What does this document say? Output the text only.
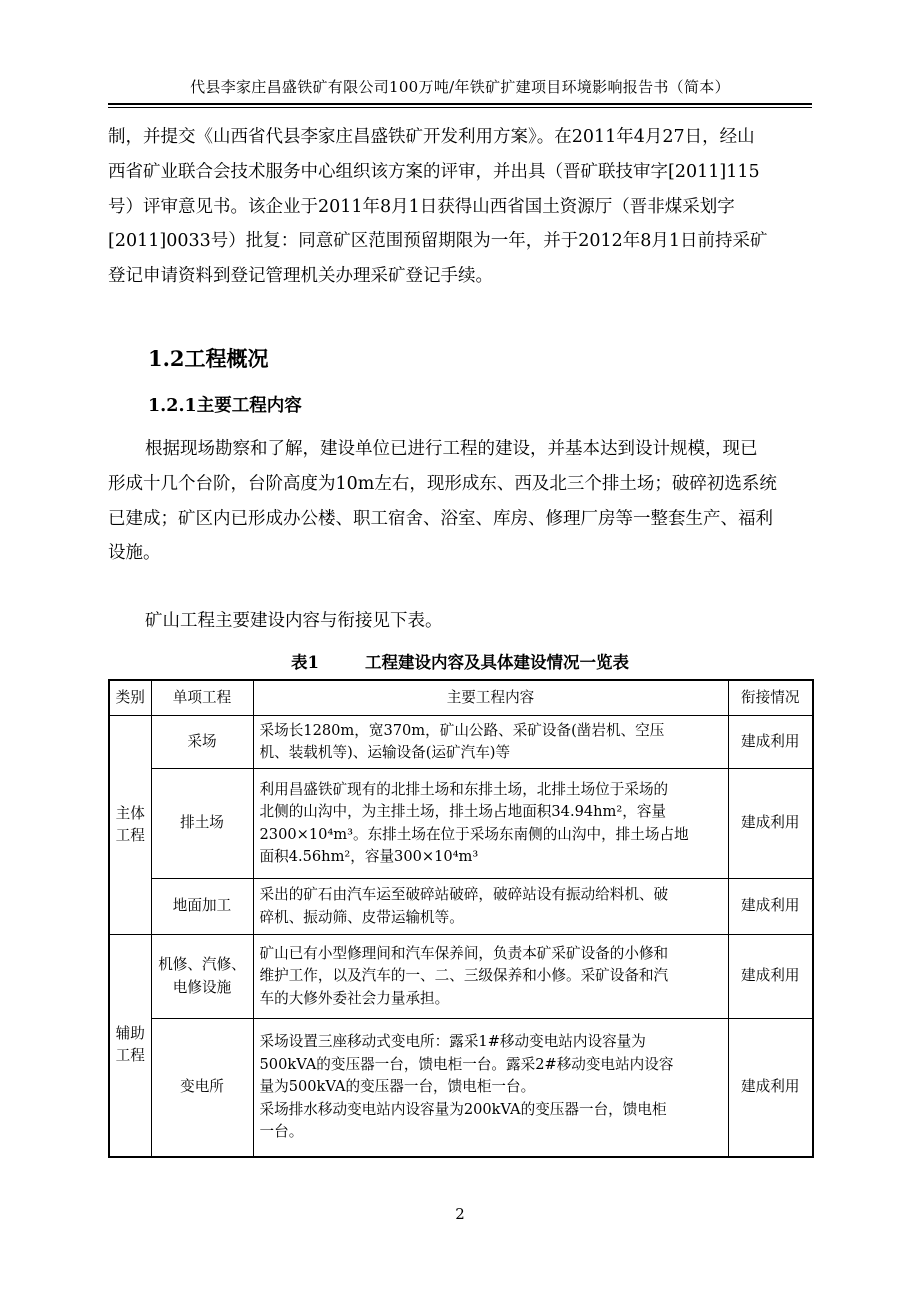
代县李家庄昌盛铁矿有限公司100万吨/年铁矿扩建项目环境影响报告书（简本）

制，并提交《山西省代县李家庄昌盛铁矿开发利用方案》。在2011年4月27日，经山
西省矿业联合会技术服务中心组织该方案的评审，并出具（晋矿联技审字[2011]115
号）评审意见书。该企业于2011年8月1日获得山西省国土资源厅（晋非煤采划字
[2011]0033号）批复：同意矿区范围预留期限为一年，并于2012年8月1日前持采矿
登记申请资料到登记管理机关办理采矿登记手续。

1.2工程概况
1.2.1主要工程内容

根据现场勘察和了解，建设单位已进行工程的建设，并基本达到设计规模，现已
形成十几个台阶，台阶高度为10m左右，现形成东、西及北三个排土场；破碎初选系统
已建成；矿区内已形成办公楼、职工宿舍、浴室、库房、修理厂房等一整套生产、福利
设施。

矿山工程主要建设内容与衔接见下表。

表1	工程建设内容及具体建设情况一览表
类别	单项工程	主要工程内容	衔接情况
主体工程	采场	采场长1280m，宽370m，矿山公路、采矿设备(凿岩机、空压
机、装载机等)、运输设备(运矿汽车)等	建成利用
	排土场	利用昌盛铁矿现有的北排土场和东排土场，北排土场位于采场的
北侧的山沟中，为主排土场，排土场占地面积34.94hm²，容量
2300×10⁴m³。东排土场在位于采场东南侧的山沟中，排土场占地
面积4.56hm²，容量300×10⁴m³	建成利用
	地面加工	采出的矿石由汽车运至破碎站破碎，破碎站设有振动给料机、破
碎机、振动筛、皮带运输机等。	建成利用
辅助工程	机修、汽修、电修设施	矿山已有小型修理间和汽车保养间，负责本矿采矿设备的小修和
维护工作，以及汽车的一、二、三级保养和小修。采矿设备和汽
车的大修外委社会力量承担。	建成利用
	变电所	采场设置三座移动式变电所：露采1#移动变电站内设容量为
500kVA的变压器一台，馈电柜一台。露采2#移动变电站内设容
量为500kVA的变压器一台，馈电柜一台。
采场排水移动变电站内设容量为200kVA的变压器一台，馈电柜
一台。	建成利用
2
